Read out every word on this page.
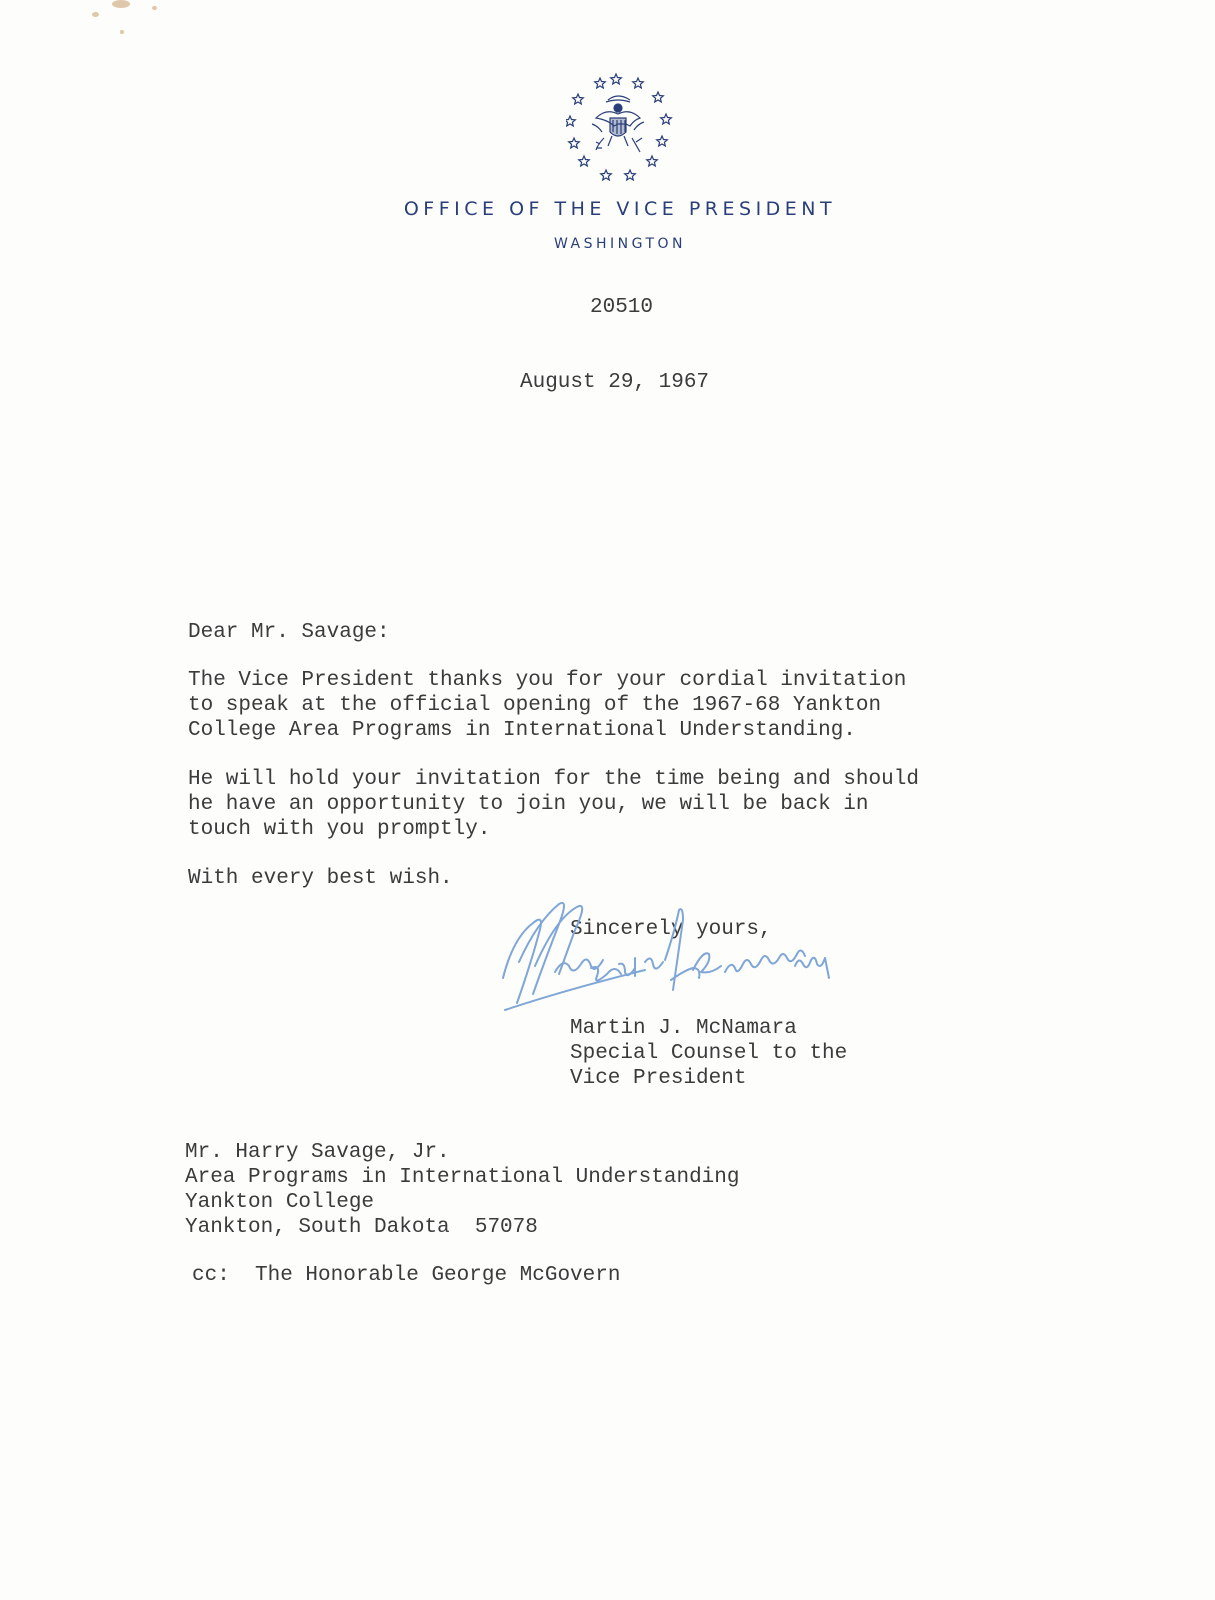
OFFICE OF THE VICE PRESIDENT
WASHINGTON
20510
August 29, 1967
Dear Mr. Savage:
The Vice President thanks you for your cordial invitation
to speak at the official opening of the 1967-68 Yankton
College Area Programs in International Understanding.
He will hold your invitation for the time being and should
he have an opportunity to join you, we will be back in
touch with you promptly.
With every best wish.
Sincerely yours,
Martin J. McNamara
Special Counsel to the
Vice President
Mr. Harry Savage, Jr.
Area Programs in International Understanding
Yankton College
Yankton, South Dakota  57078
cc:  The Honorable George McGovern
